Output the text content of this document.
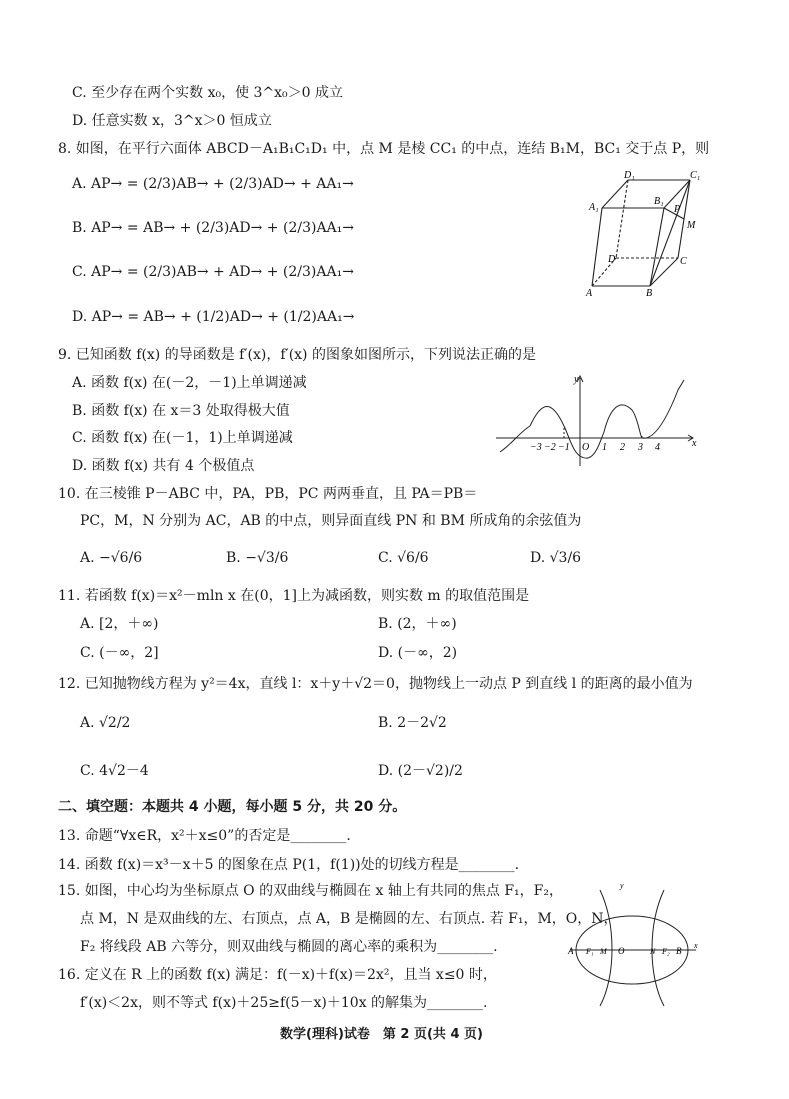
C. 至少存在两个实数 x₀，使 3^x₀＞0 成立
D. 任意实数 x，3^x＞0 恒成立
8. 如图，在平行六面体 ABCD－A₁B₁C₁D₁ 中，点 M 是棱 CC₁ 的中点，连结 B₁M，BC₁ 交于点 P，则
A. AP→ = (2/3)AB→ + (2/3)AD→ + AA₁→
B. AP→ = AB→ + (2/3)AD→ + (2/3)AA₁→
C. AP→ = (2/3)AB→ + AD→ + (2/3)AA₁→
D. AP→ = AB→ + (1/2)AD→ + (1/2)AA₁→
D₁	C₁
A₁
B₁
P
M
D	C
A	B
9. 已知函数 f(x) 的导函数是 f′(x)，f′(x) 的图象如图所示，下列说法正确的是
A. 函数 f(x) 在(－2，－1)上单调递减
B. 函数 f(x) 在 x＝3 处取得极大值
C. 函数 f(x) 在(－1，1)上单调递减
D. 函数 f(x) 共有 4 个极值点
y
x
O
−3 −2 −1	1 2 3 4
10. 在三棱锥 P－ABC 中，PA，PB，PC 两两垂直，且 PA＝PB＝
PC，M，N 分别为 AC，AB 的中点，则异面直线 PN 和 BM 所成角的余弦值为
A. −√6/6	B. −√3/6	C. √6/6	D. √3/6
11. 若函数 f(x)＝x²－mln x 在(0，1]上为减函数，则实数 m 的取值范围是
A. [2，＋∞)	B. (2，＋∞)
C. (－∞，2]	D. (－∞，2)
12. 已知抛物线方程为 y²＝4x，直线 l：x＋y＋√2＝0，抛物线上一动点 P 到直线 l 的距离的最小值为
A. √2/2	B. 2－2√2
C. 4√2－4	D. (2－√2)/2
二、填空题：本题共 4 小题，每小题 5 分，共 20 分。
13. 命题“∀x∈R，x²＋x≤0”的否定是________.
14. 函数 f(x)＝x³－x＋5 的图象在点 P(1，f(1))处的切线方程是________.
15. 如图，中心均为坐标原点 O 的双曲线与椭圆在 x 轴上有共同的焦点 F₁，F₂，
点 M，N 是双曲线的左、右顶点，点 A，B 是椭圆的左、右顶点. 若 F₁，M，O，N，
F₂ 将线段 AB 六等分，则双曲线与椭圆的离心率的乘积为________.
y
A F₁ M O	N F₂ B
x
16. 定义在 R 上的函数 f(x) 满足：f(－x)＋f(x)＝2x²，且当 x≤0 时，
f′(x)＜2x，则不等式 f(x)＋25≥f(5－x)＋10x 的解集为________.
数学(理科)试卷　第 2 页(共 4 页)
